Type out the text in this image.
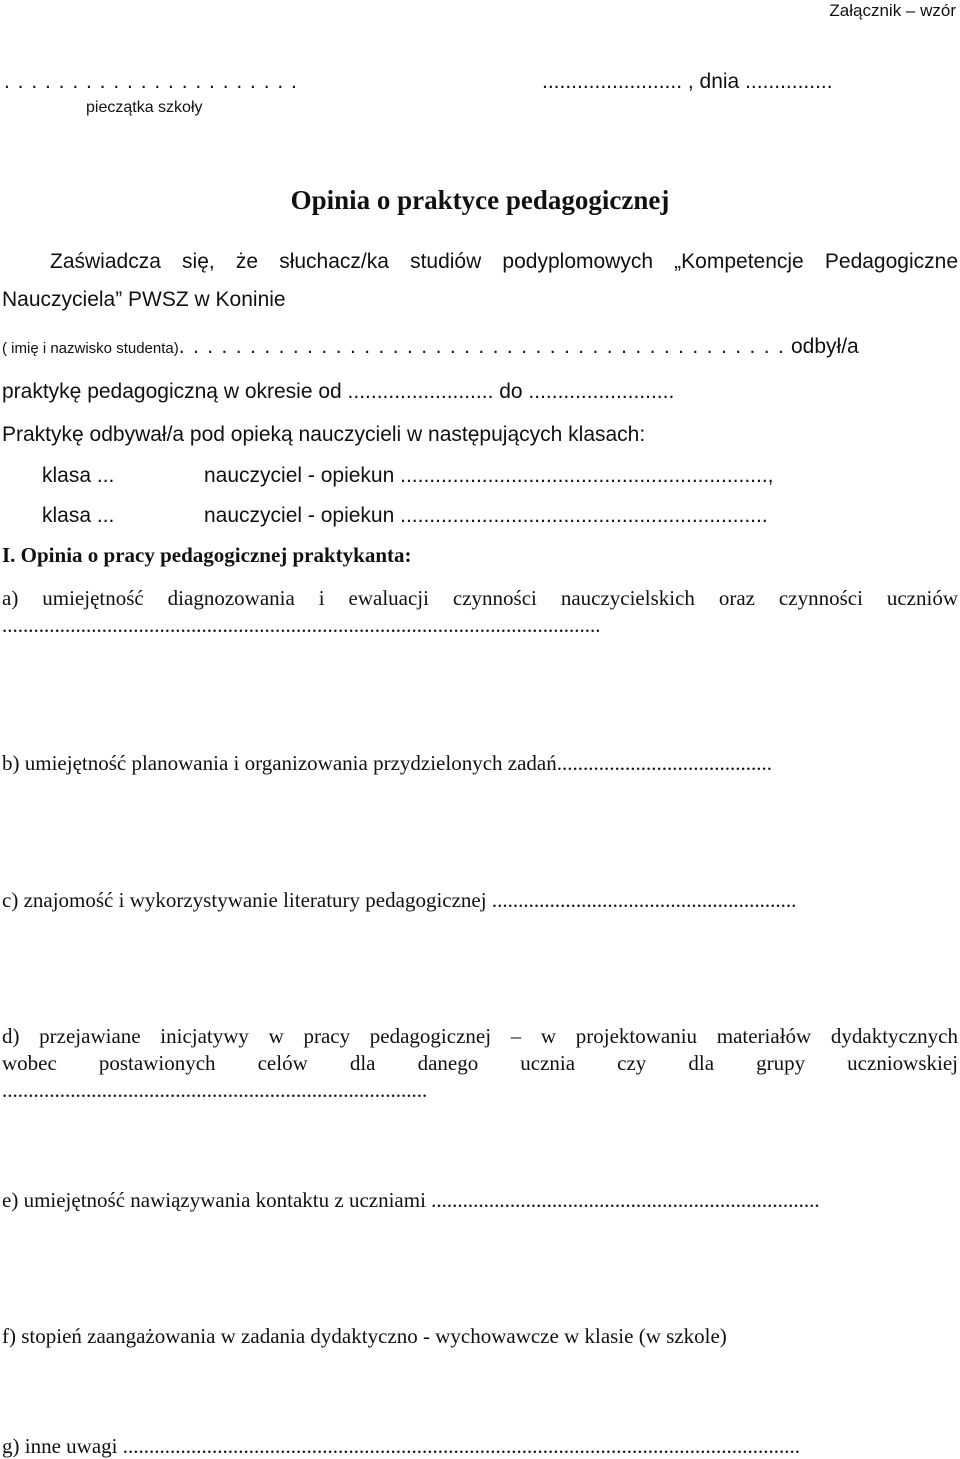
Załącznik – wzór
. . . . . . . . . . . . . . . . . . . . . .
pieczątka szkoły
........................ , dnia ...............
Opinia o praktyce pedagogicznej
Zaświadcza się, że słuchacz/ka studiów podyplomowych „Kompetencje Pedagogiczne
Nauczyciela” PWSZ w Koninie
( imię i nazwisko studenta). . . . . . . . . . . . . . . . . . . . . . . . . . . . . . . . . . . . . . . . . . . odbył/a
praktykę pedagogiczną w okresie od ......................... do .........................
Praktykę odbywał/a pod opieką nauczycieli w następujących klasach:
klasa ...	nauczyciel - opiekun ...............................................................,
klasa ...	nauczyciel - opiekun ...............................................................
I. Opinia o pracy pedagogicznej praktykanta:
a) umiejętność diagnozowania i ewaluacji czynności nauczycielskich oraz czynności uczniów
..................................................................................................................
b) umiejętność planowania i organizowania przydzielonych zadań.........................................
c) znajomość i wykorzystywanie literatury pedagogicznej ..........................................................
d) przejawiane inicjatywy w pracy pedagogicznej – w projektowaniu materiałów dydaktycznych
wobec postawionych celów dla danego ucznia czy dla grupy uczniowskiej
.................................................................................
e) umiejętność nawiązywania kontaktu z uczniami ..........................................................................
f) stopień zaangażowania w zadania dydaktyczno - wychowawcze w klasie (w szkole)
g) inne uwagi .................................................................................................................................
